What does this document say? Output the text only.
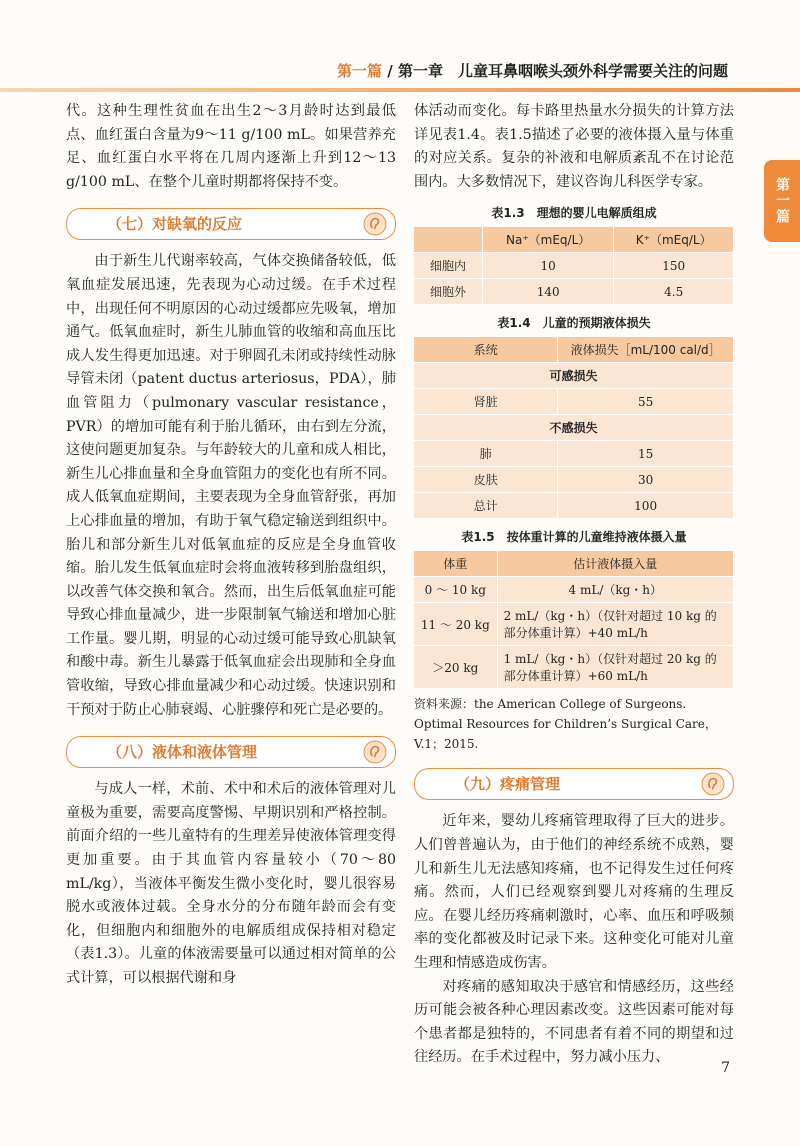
第一篇 / 第一章　 儿童耳鼻咽喉头颈外科学需要关注的问题
第一篇

代。这种生理性贫血在出生2～3月龄时达到最低点、血红蛋白含量为9～11 g/100 mL。如果营养充足、血红蛋白水平将在几周内逐渐上升到12～13 g/100 mL、在整个儿童时期都将保持不变。

（七）对缺氧的反应

由于新生儿代谢率较高，气体交换储备较低，低氧血症发展迅速，先表现为心动过缓。在手术过程中，出现任何不明原因的心动过缓都应先吸氧，增加通气。低氧血症时，新生儿肺血管的收缩和高血压比成人发生得更加迅速。对于卵圆孔未闭或持续性动脉导管未闭（patent ductus arteriosus，PDA），肺血管阻力（pulmonary vascular resistance，PVR）的增加可能有利于胎儿循环，由右到左分流，这使问题更加复杂。与年龄较大的儿童和成人相比，新生儿心排血量和全身血管阻力的变化也有所不同。成人低氧血症期间，主要表现为全身血管舒张，再加上心排血量的增加，有助于氧气稳定输送到组织中。胎儿和部分新生儿对低氧血症的反应是全身血管收缩。胎儿发生低氧血症时会将血液转移到胎盘组织，以改善气体交换和氧合。然而，出生后低氧血症可能导致心排血量减少，进一步限制氧气输送和增加心脏工作量。婴儿期，明显的心动过缓可能导致心肌缺氧和酸中毒。新生儿暴露于低氧血症会出现肺和全身血管收缩，导致心排血量减少和心动过缓。快速识别和干预对于防止心肺衰竭、心脏骤停和死亡是必要的。

（八）液体和液体管理

与成人一样，术前、术中和术后的液体管理对儿童极为重要，需要高度警惕、早期识别和严格控制。前面介绍的一些儿童特有的生理差异使液体管理变得更加重要。由于其血管内容量较小（70～80 mL/kg），当液体平衡发生微小变化时，婴儿很容易脱水或液体过载。全身水分的分布随年龄而会有变化，但细胞内和细胞外的电解质组成保持相对稳定（表1.3）。儿童的体液需要量可以通过相对简单的公式计算，可以根据代谢和身

体活动而变化。每卡路里热量水分损失的计算方法详见表1.4。表1.5描述了必要的液体摄入量与体重的对应关系。复杂的补液和电解质紊乱不在讨论范围内。大多数情况下，建议咨询儿科医学专家。

表1.3　理想的婴儿电解质组成
	Na⁺（mEq/L）	K⁺（mEq/L）
细胞内	10	150
细胞外	140	4.5
表1.4　儿童的预期液体损失
系统	液体损失［mL/100 cal/d］
可感损失	
肾脏	55
不感损失	
肺	15
皮肤	30
总计	100
表1.5　按体重计算的儿童维持液体摄入量
体重	估计液体摄入量
0 ～ 10 kg	4 mL/（kg・h）
11 ～ 20 kg	2 mL/（kg・h）（仅针对超过 10 kg 的部分体重计算）+40 mL/h
＞20 kg	1 mL/（kg・h）（仅针对超过 20 kg 的部分体重计算）+60 mL/h
资料来源：the American College of Surgeons. Optimal Resources for Children’s Surgical Care，V.1；2015.
（九）疼痛管理

近年来，婴幼儿疼痛管理取得了巨大的进步。人们曾普遍认为，由于他们的神经系统不成熟，婴儿和新生儿无法感知疼痛，也不记得发生过任何疼痛。然而，人们已经观察到婴儿对疼痛的生理反应。在婴儿经历疼痛刺激时，心率、血压和呼吸频率的变化都被及时记录下来。这种变化可能对儿童生理和情感造成伤害。

对疼痛的感知取决于感官和情感经历，这些经历可能会被各种心理因素改变。这些因素可能对每个患者都是独特的，不同患者有着不同的期望和过往经历。在手术过程中，努力减小压力、

7
